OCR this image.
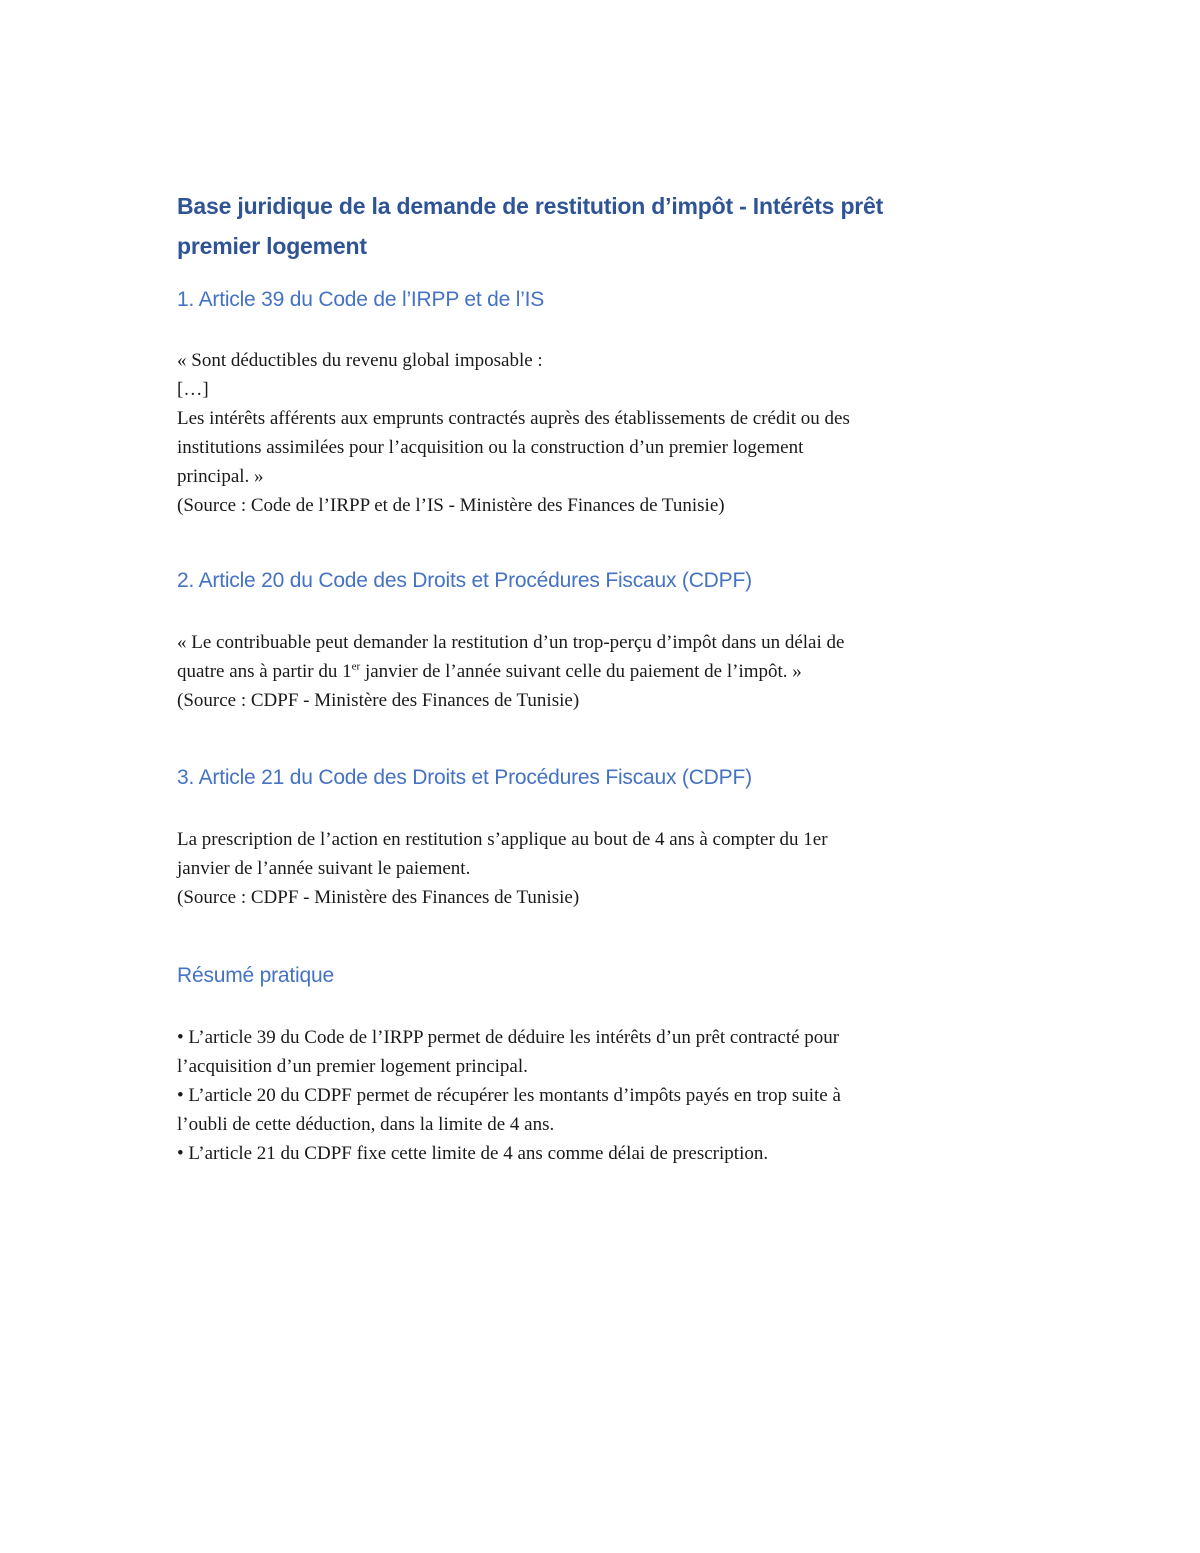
Base juridique de la demande de restitution d’impôt - Intérêts prêt
premier logement
1. Article 39 du Code de l’IRPP et de l’IS
« Sont déductibles du revenu global imposable :
[…]
Les intérêts afférents aux emprunts contractés auprès des établissements de crédit ou des
institutions assimilées pour l’acquisition ou la construction d’un premier logement
principal. »
(Source : Code de l’IRPP et de l’IS - Ministère des Finances de Tunisie)
2. Article 20 du Code des Droits et Procédures Fiscaux (CDPF)
« Le contribuable peut demander la restitution d’un trop-perçu d’impôt dans un délai de
quatre ans à partir du 1er janvier de l’année suivant celle du paiement de l’impôt. »
(Source : CDPF - Ministère des Finances de Tunisie)
3. Article 21 du Code des Droits et Procédures Fiscaux (CDPF)
La prescription de l’action en restitution s’applique au bout de 4 ans à compter du 1er
janvier de l’année suivant le paiement.
(Source : CDPF - Ministère des Finances de Tunisie)
Résumé pratique
• L’article 39 du Code de l’IRPP permet de déduire les intérêts d’un prêt contracté pour
l’acquisition d’un premier logement principal.
• L’article 20 du CDPF permet de récupérer les montants d’impôts payés en trop suite à
l’oubli de cette déduction, dans la limite de 4 ans.
• L’article 21 du CDPF fixe cette limite de 4 ans comme délai de prescription.
